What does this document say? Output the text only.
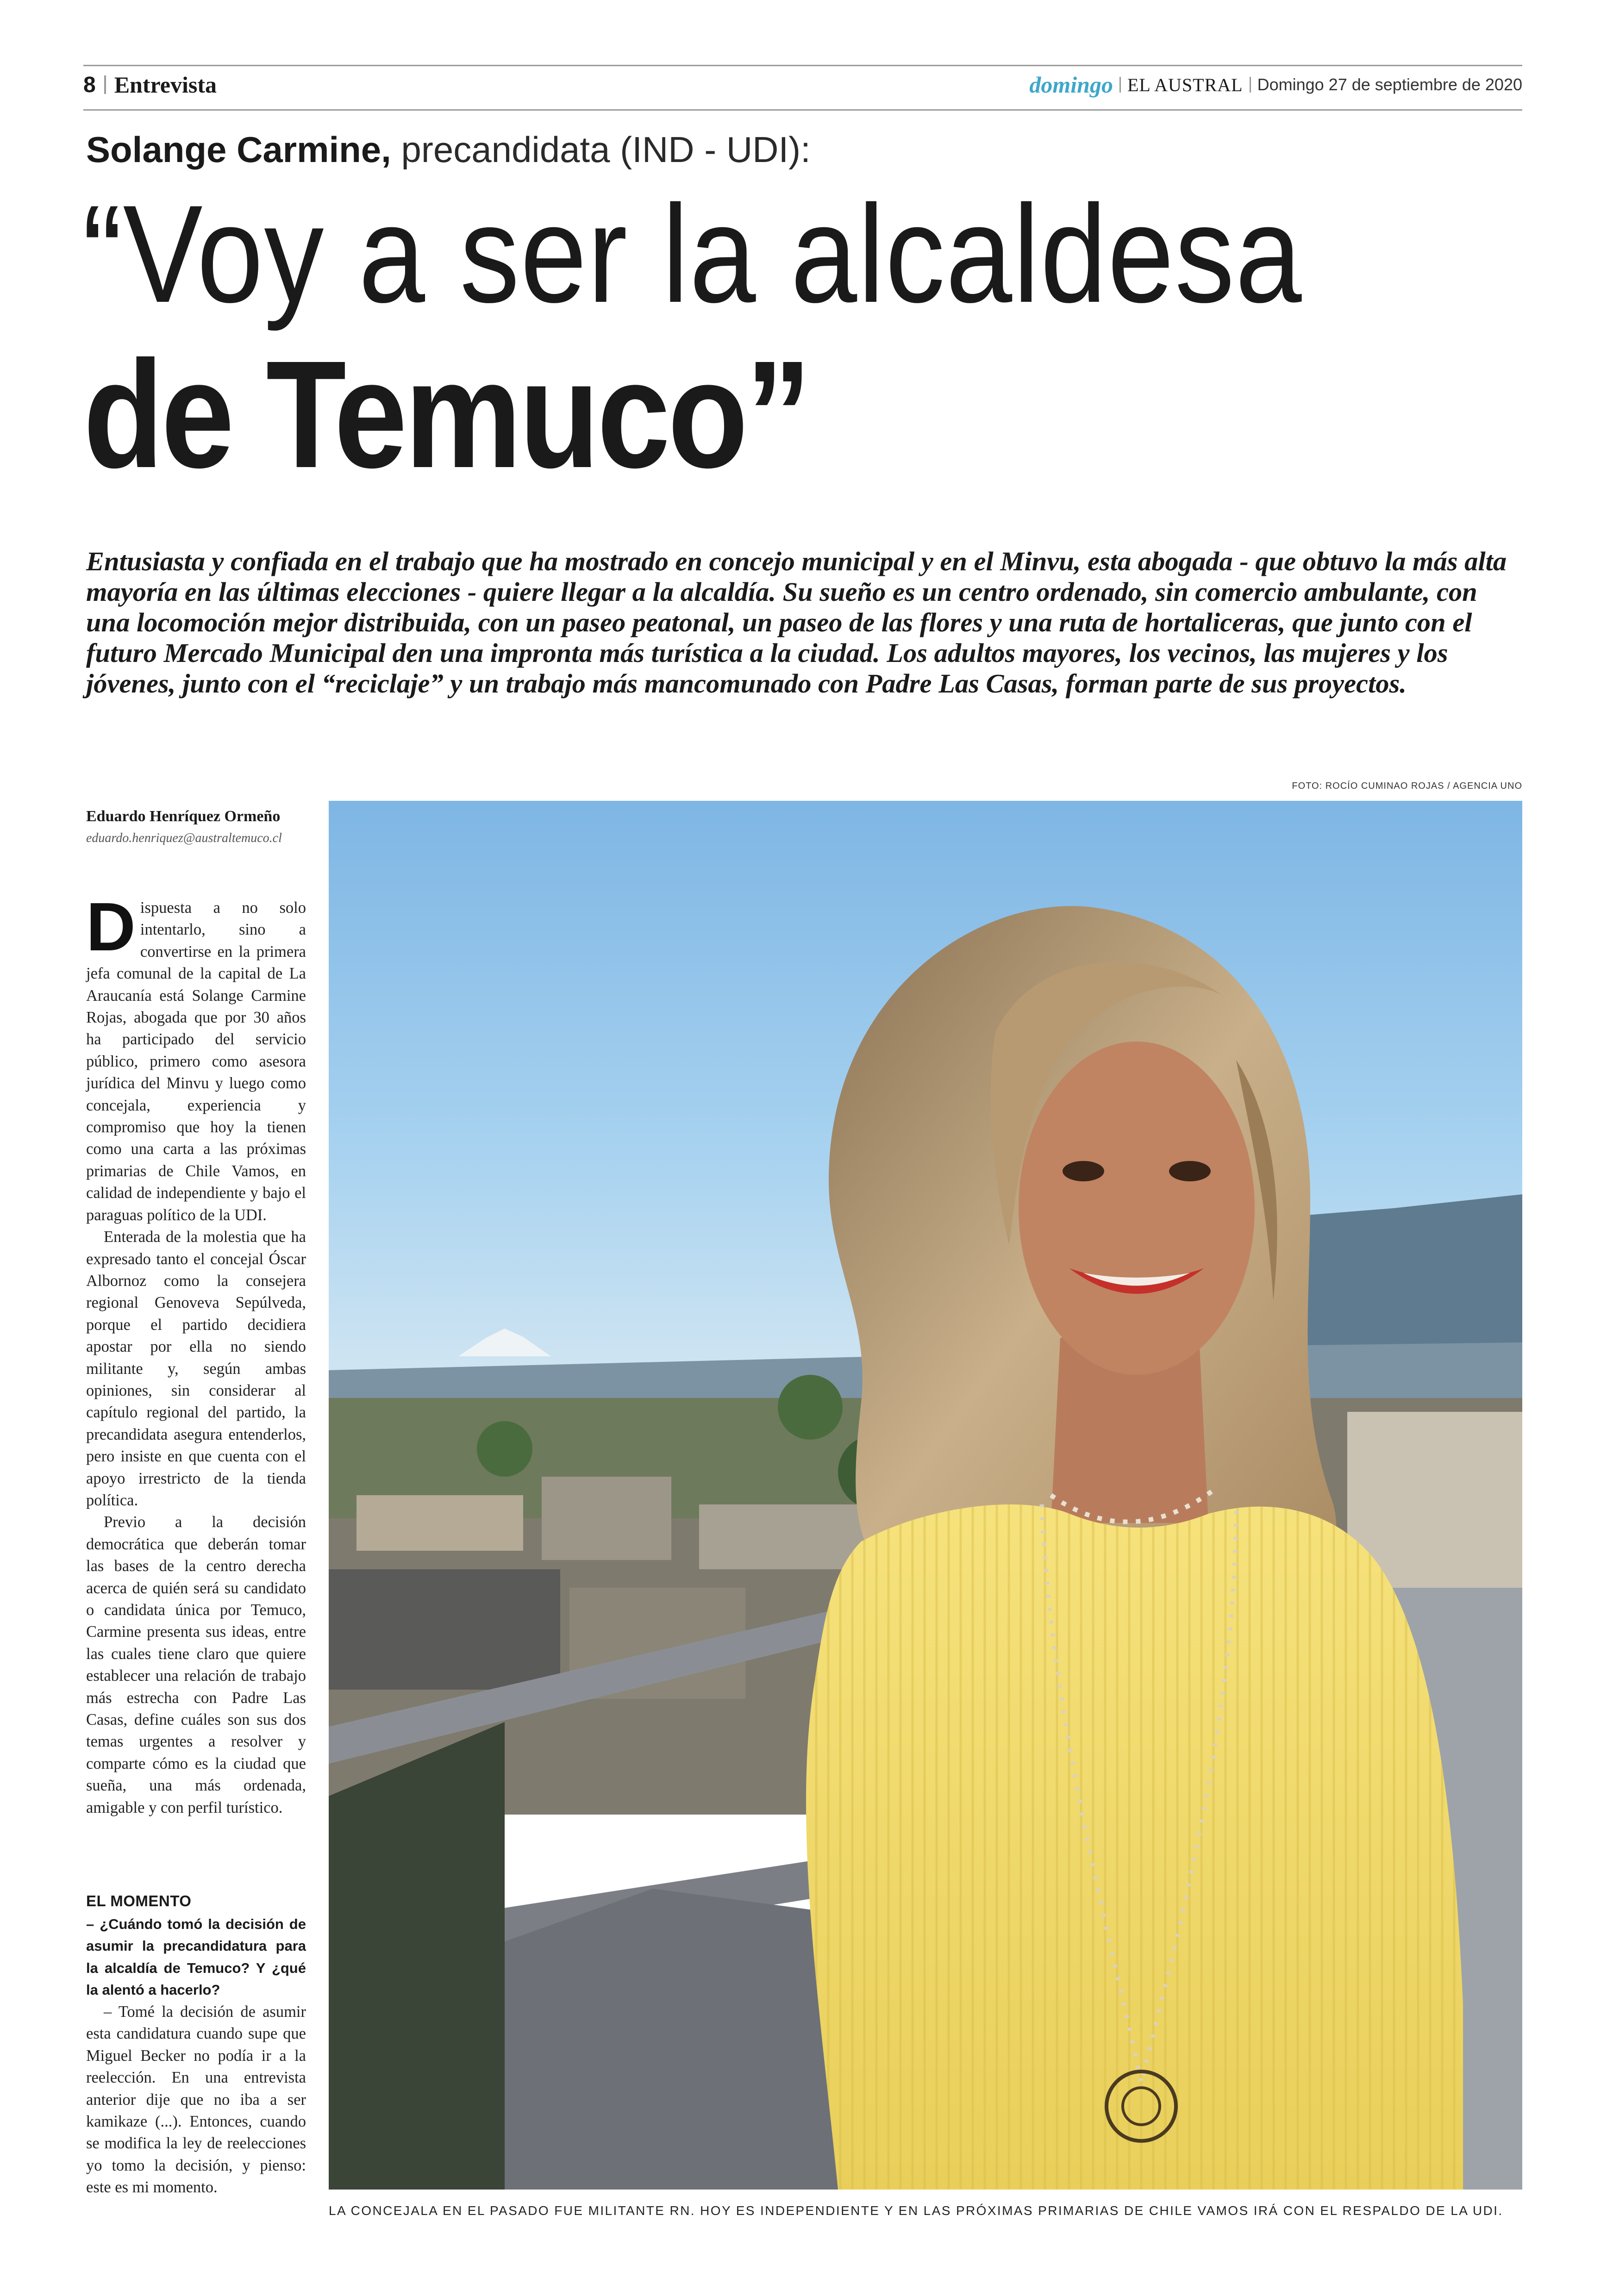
8 Entrevista	domingo EL AUSTRAL Domingo 27 de septiembre de 2020
Solange Carmine, precandidata (IND - UDI):
“Voy a ser la alcaldesa
de Temuco”
Entusiasta y confiada en el trabajo que ha mostrado en concejo municipal y en el Minvu, esta abogada - que obtuvo la más alta mayoría en las últimas elecciones - quiere llegar a la alcaldía. Su sueño es un centro ordenado, sin comercio ambulante, con una locomoción mejor distribuida, con un paseo peatonal, un paseo de las flores y una ruta de hortaliceras, que junto con el futuro Mercado Municipal den una impronta más turística a la ciudad. Los adultos mayores, los vecinos, las mujeres y los jóvenes, junto con el “reciclaje” y un trabajo más mancomunado con Padre Las Casas, forman parte de sus proyectos.
FOTO: ROCÍO CUMINAO ROJAS / AGENCIA UNO
Eduardo Henríquez Ormeño
eduardo.henriquez@australtemuco.cl
D ispuesta a no solo intentarlo, sino a convertirse en la primera jefa comunal de la capital de La Araucanía está Solange Carmine Rojas, abogada que por 30 años ha participado del servicio público, primero como asesora jurídica del Minvu y luego como concejala, experiencia y compromiso que hoy la tienen como una carta a las próximas primarias de Chile Vamos, en calidad de independiente y bajo el paraguas político de la UDI.

Enterada de la molestia que ha expresado tanto el concejal Óscar Albornoz como la consejera regional Genoveva Sepúlveda, porque el partido decidiera apostar por ella no siendo militante y, según ambas opiniones, sin considerar al capítulo regional del partido, la precandidata asegura entenderlos, pero insiste en que cuenta con el apoyo irrestricto de la tienda política.

Previo a la decisión democrática que deberán tomar las bases de la centro derecha acerca de quién será su candidato o candidata única por Temuco, Carmine presenta sus ideas, entre las cuales tiene claro que quiere establecer una relación de trabajo más estrecha con Padre Las Casas, define cuáles son sus dos temas urgentes a resolver y comparte cómo es la ciudad que sueña, una más ordenada, amigable y con perfil turístico.

EL MOMENTO
– ¿Cuándo tomó la decisión de asumir la precandidatura para la alcaldía de Temuco? Y ¿qué la alentó a hacerlo?
– Tomé la decisión de asumir esta candidatura cuando supe que Miguel Becker no podía ir a la reelección. En una entrevista anterior dije que no iba a ser kamikaze (...). Entonces, cuando se modifica la ley de reelecciones yo tomo la decisión, y pienso: este es mi momento.
LA CONCEJALA EN EL PASADO FUE MILITANTE RN. HOY ES INDEPENDIENTE Y EN LAS PRÓXIMAS PRIMARIAS DE CHILE VAMOS IRÁ CON EL RESPALDO DE LA UDI.
